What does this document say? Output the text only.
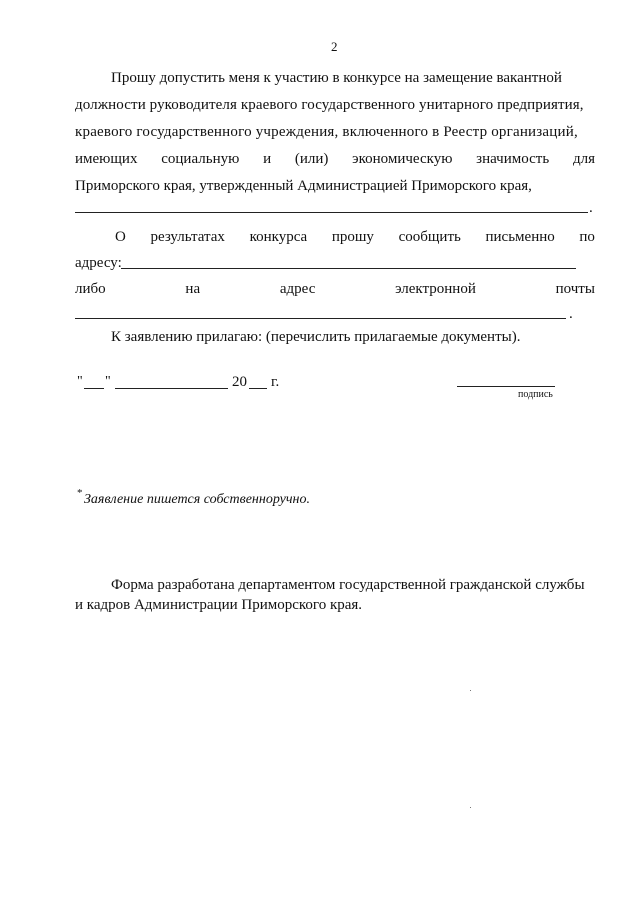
2
Прошу допустить меня к участию в конкурсе на замещение вакантной
должности руководителя краевого государственного унитарного предприятия,
краевого государственного учреждения, включенного в Реестр организаций,
имеющих социальную и (или) экономическую значимость для
Приморского края, утвержденный Администрацией Приморского края,
.
О результатах конкурса прошу сообщить письменно по
адресу:
либо	на	адрес	электронной	почты
.
К заявлению прилагаю: (перечислить прилагаемые документы).
" "	20 г.
подпись
* Заявление пишется собственноручно.
Форма разработана департаментом государственной гражданской службы
и кадров Администрации Приморского края.
